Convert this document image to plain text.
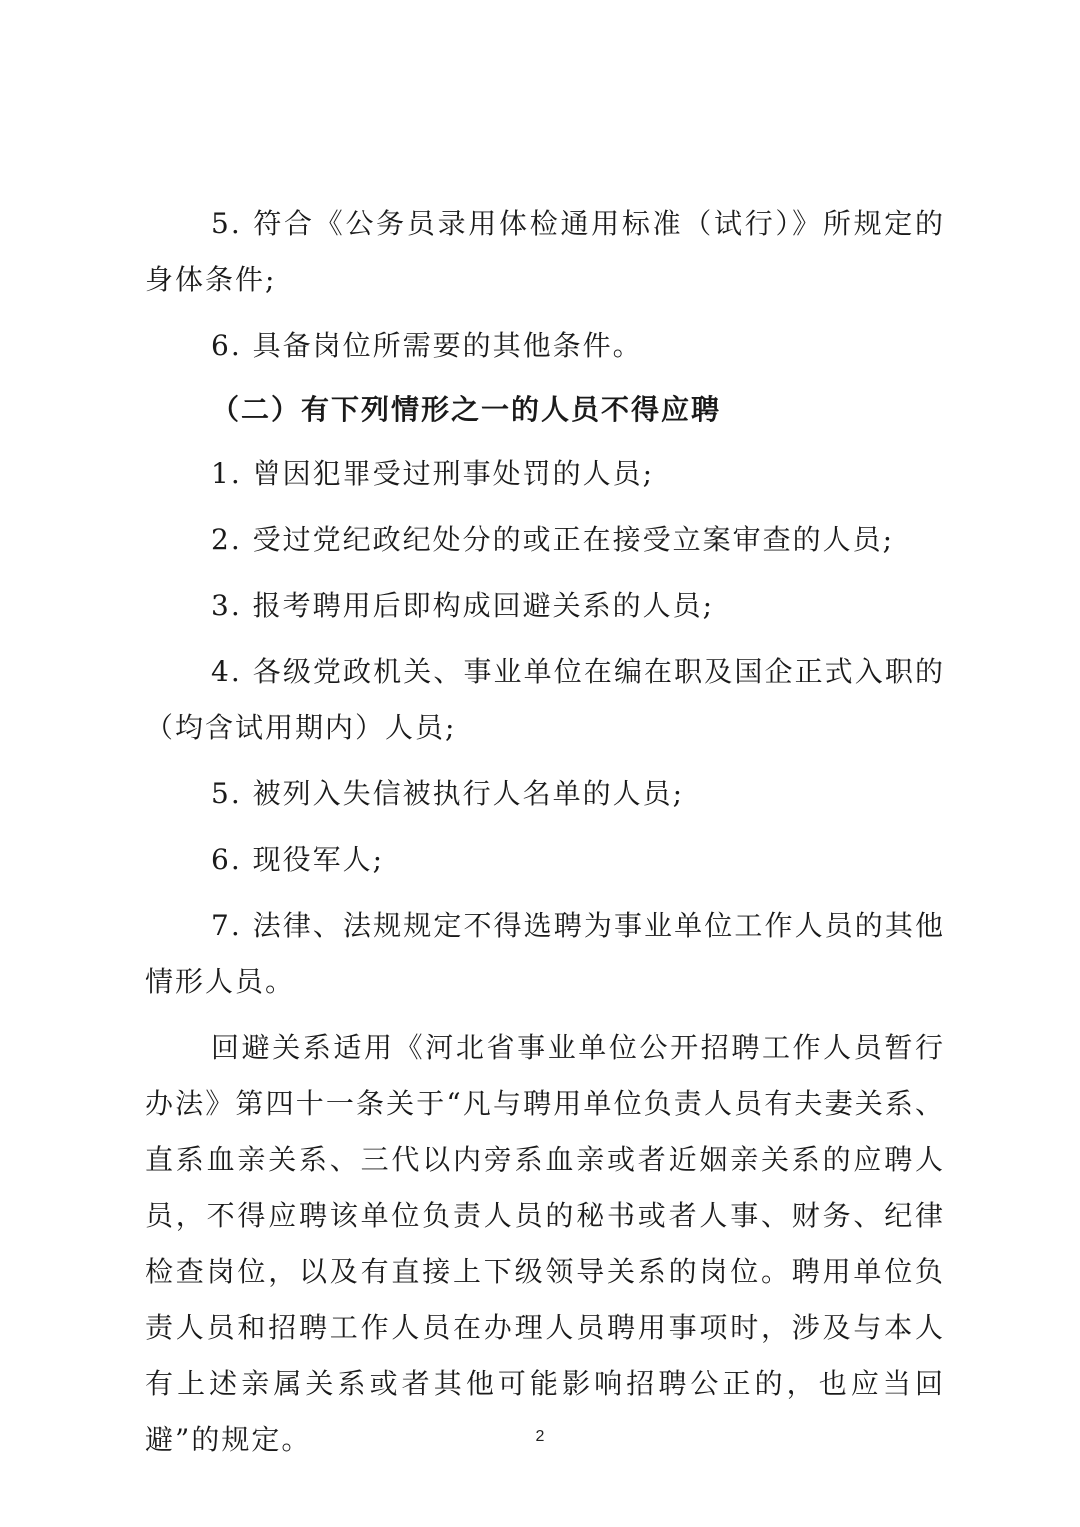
5. 符合《公务员录用体检通用标准（试行）》所规定的身体条件;

6. 具备岗位所需要的其他条件。

（二）有下列情形之一的人员不得应聘

1. 曾因犯罪受过刑事处罚的人员;

2. 受过党纪政纪处分的或正在接受立案审查的人员;

3. 报考聘用后即构成回避关系的人员;

4. 各级党政机关、事业单位在编在职及国企正式入职的（均含试用期内）人员;

5. 被列入失信被执行人名单的人员;

6. 现役军人;

7. 法律、法规规定不得选聘为事业单位工作人员的其他情形人员。

回避关系适用《河北省事业单位公开招聘工作人员暂行办法》第四十一条关于“凡与聘用单位负责人员有夫妻关系、直系血亲关系、三代以内旁系血亲或者近姻亲关系的应聘人员，不得应聘该单位负责人员的秘书或者人事、财务、纪律检查岗位，以及有直接上下级领导关系的岗位。聘用单位负责人员和招聘工作人员在办理人员聘用事项时，涉及与本人有上述亲属关系或者其他可能影响招聘公正的，也应当回避”的规定。	2
